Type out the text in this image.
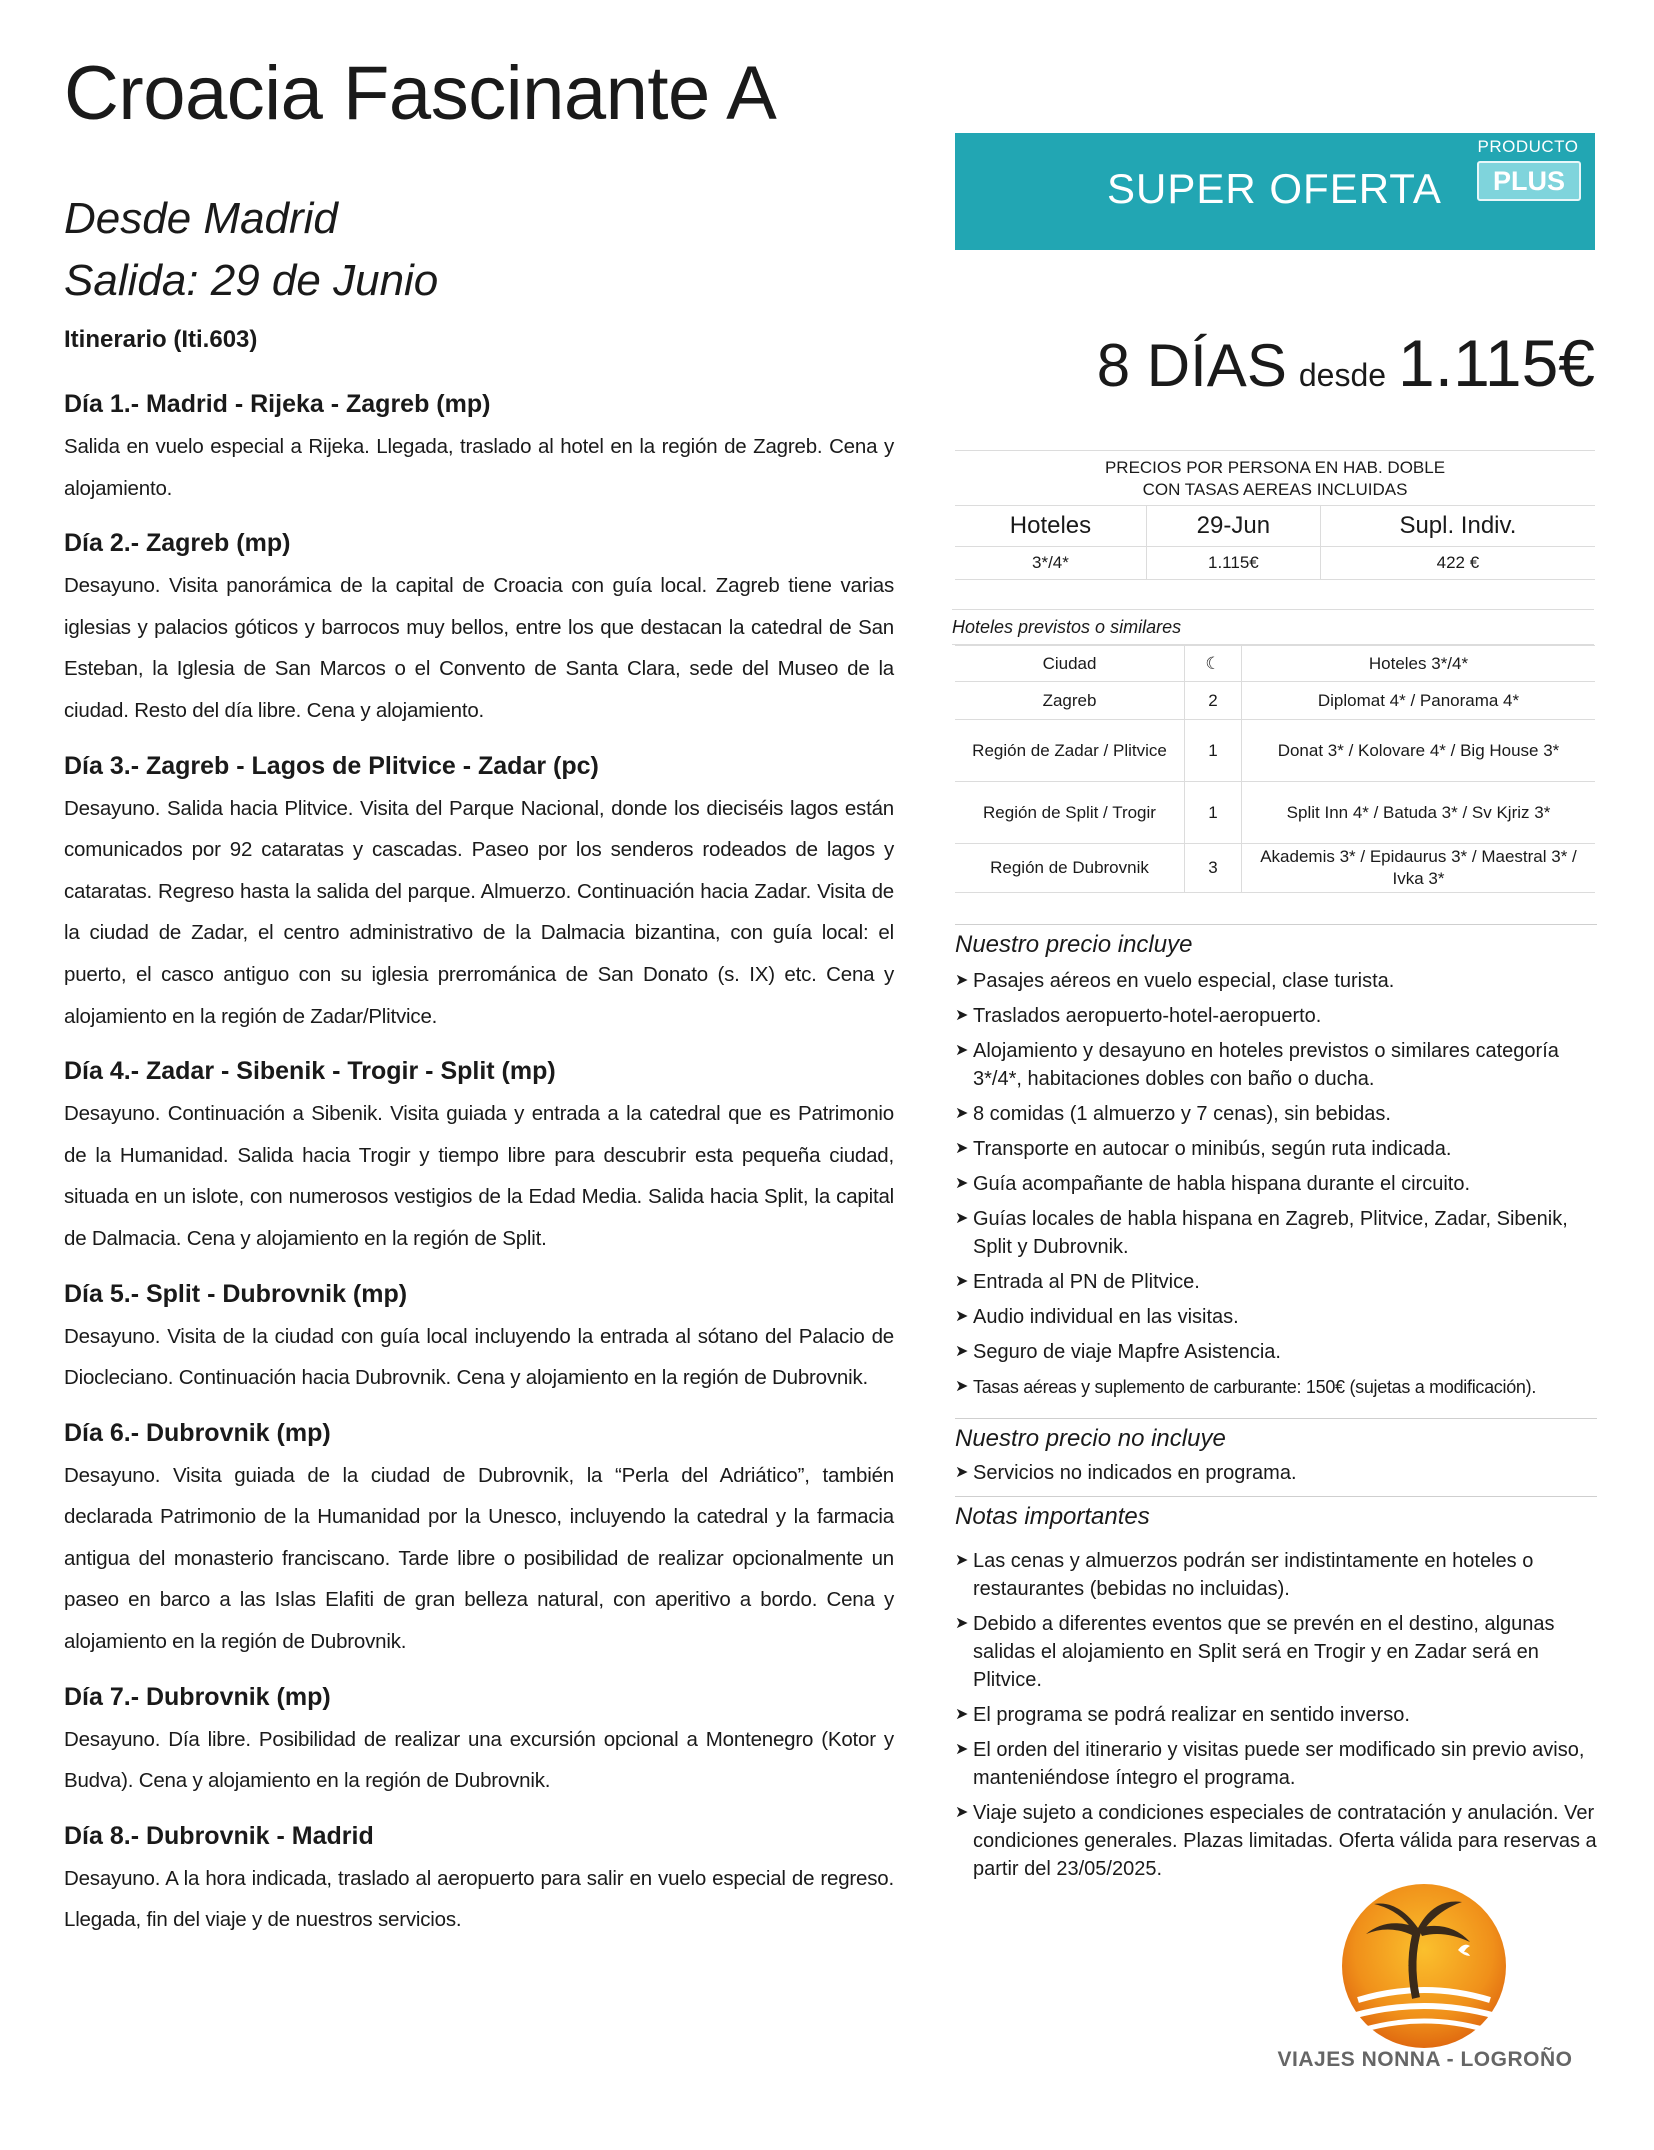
Croacia Fascinante A
Desde Madrid
Salida: 29 de Junio
Itinerario (Iti.603)
Día 1.- Madrid - Rijeka - Zagreb (mp)
Salida en vuelo especial a Rijeka. Llegada, traslado al hotel en la región de Zagreb. Cena y alojamiento.
Día 2.- Zagreb (mp)
Desayuno. Visita panorámica de la capital de Croacia con guía local. Zagreb tiene varias iglesias y palacios góticos y barrocos muy bellos, entre los que destacan la catedral de San Esteban, la Iglesia de San Marcos o el Convento de Santa Clara, sede del Museo de la ciudad. Resto del día libre. Cena y alojamiento.
Día 3.- Zagreb - Lagos de Plitvice - Zadar (pc)
Desayuno. Salida hacia Plitvice. Visita del Parque Nacional, donde los dieciséis lagos están comunicados por 92 cataratas y cascadas. Paseo por los senderos rodeados de lagos y cataratas. Regreso hasta la salida del parque. Almuerzo. Continuación hacia Zadar. Visita de la ciudad de Zadar, el centro administrativo de la Dalmacia bizantina, con guía local: el puerto, el casco antiguo con su iglesia prerrománica de San Donato (s. IX) etc. Cena y alojamiento en la región de Zadar/Plitvice.
Día 4.- Zadar - Sibenik - Trogir - Split (mp)
Desayuno. Continuación a Sibenik. Visita guiada y entrada a la catedral que es Patrimonio de la Humanidad. Salida hacia Trogir y tiempo libre para descubrir esta pequeña ciudad, situada en un islote, con numerosos vestigios de la Edad Media. Salida hacia Split, la capital de Dalmacia. Cena y alojamiento en la región de Split.
Día 5.- Split - Dubrovnik (mp)
Desayuno. Visita de la ciudad con guía local incluyendo la entrada al sótano del Palacio de Diocleciano. Continuación hacia Dubrovnik. Cena y alojamiento en la región de Dubrovnik.
Día 6.- Dubrovnik (mp)
Desayuno. Visita guiada de la ciudad de Dubrovnik, la “Perla del Adriático”, también declarada Patrimonio de la Humanidad por la Unesco, incluyendo la catedral y la farmacia antigua del monasterio franciscano. Tarde libre o posibilidad de realizar opcionalmente un paseo en barco a las Islas Elafiti de gran belleza natural, con aperitivo a bordo. Cena y alojamiento en la región de Dubrovnik.
Día 7.- Dubrovnik (mp)
Desayuno. Día libre. Posibilidad de realizar una excursión opcional a Montenegro (Kotor y Budva). Cena y alojamiento en la región de Dubrovnik.
Día 8.- Dubrovnik - Madrid
Desayuno. A la hora indicada, traslado al aeropuerto para salir en vuelo especial de regreso. Llegada, fin del viaje y de nuestros servicios.
SUPER OFERTA
PRODUCTO
PLUS
8 DÍAS desde 1.115€
PRECIOS POR PERSONA EN HAB. DOBLE
CON TASAS AEREAS INCLUIDAS		

Hoteles	29-Jun	Supl. Indiv.
3*/4*	1.115€	422 €
Hoteles previstos o similares
Ciudad	☾	Hoteles 3*/4*
Zagreb	2	Diplomat 4* / Panorama 4*
Región de Zadar / Plitvice	1	Donat 3* / Kolovare 4* / Big House 3*
Región de Split / Trogir	1	Split Inn 4* / Batuda 3* / Sv Kjriz 3*
Región de Dubrovnik	3	Akademis 3* / Epidaurus 3* / Maestral 3* / Ivka 3*
Nuestro precio incluye
➤ Pasajes aéreos en vuelo especial, clase turista.
➤ Traslados aeropuerto-hotel-aeropuerto.
➤ Alojamiento y desayuno en hoteles previstos o similares categoría 3*/4*, habitaciones dobles con baño o ducha.
➤ 8 comidas (1 almuerzo y 7 cenas), sin bebidas.
➤ Transporte en autocar o minibús, según ruta indicada.
➤ Guía acompañante de habla hispana durante el circuito.
➤ Guías locales de habla hispana en Zagreb, Plitvice, Zadar, Sibenik, Split y Dubrovnik.
➤ Entrada al PN de Plitvice.
➤ Audio individual en las visitas.
➤ Seguro de viaje Mapfre Asistencia.
➤ Tasas aéreas y suplemento de carburante: 150€ (sujetas a modificación).
Nuestro precio no incluye
➤ Servicios no indicados en programa.
Notas importantes
➤ Las cenas y almuerzos podrán ser indistintamente en hoteles o restaurantes (bebidas no incluidas).
➤ Debido a diferentes eventos que se prevén en el destino, algunas salidas el alojamiento en Split será en Trogir y en Zadar será en Plitvice.
➤ El programa se podrá realizar en sentido inverso.
➤ El orden del itinerario y visitas puede ser modificado sin previo aviso, manteniéndose íntegro el programa.
➤ Viaje sujeto a condiciones especiales de contratación y anulación. Ver condiciones generales. Plazas limitadas. Oferta válida para reservas a partir del 23/05/2025.
VIAJES NONNA - LOGROÑO
